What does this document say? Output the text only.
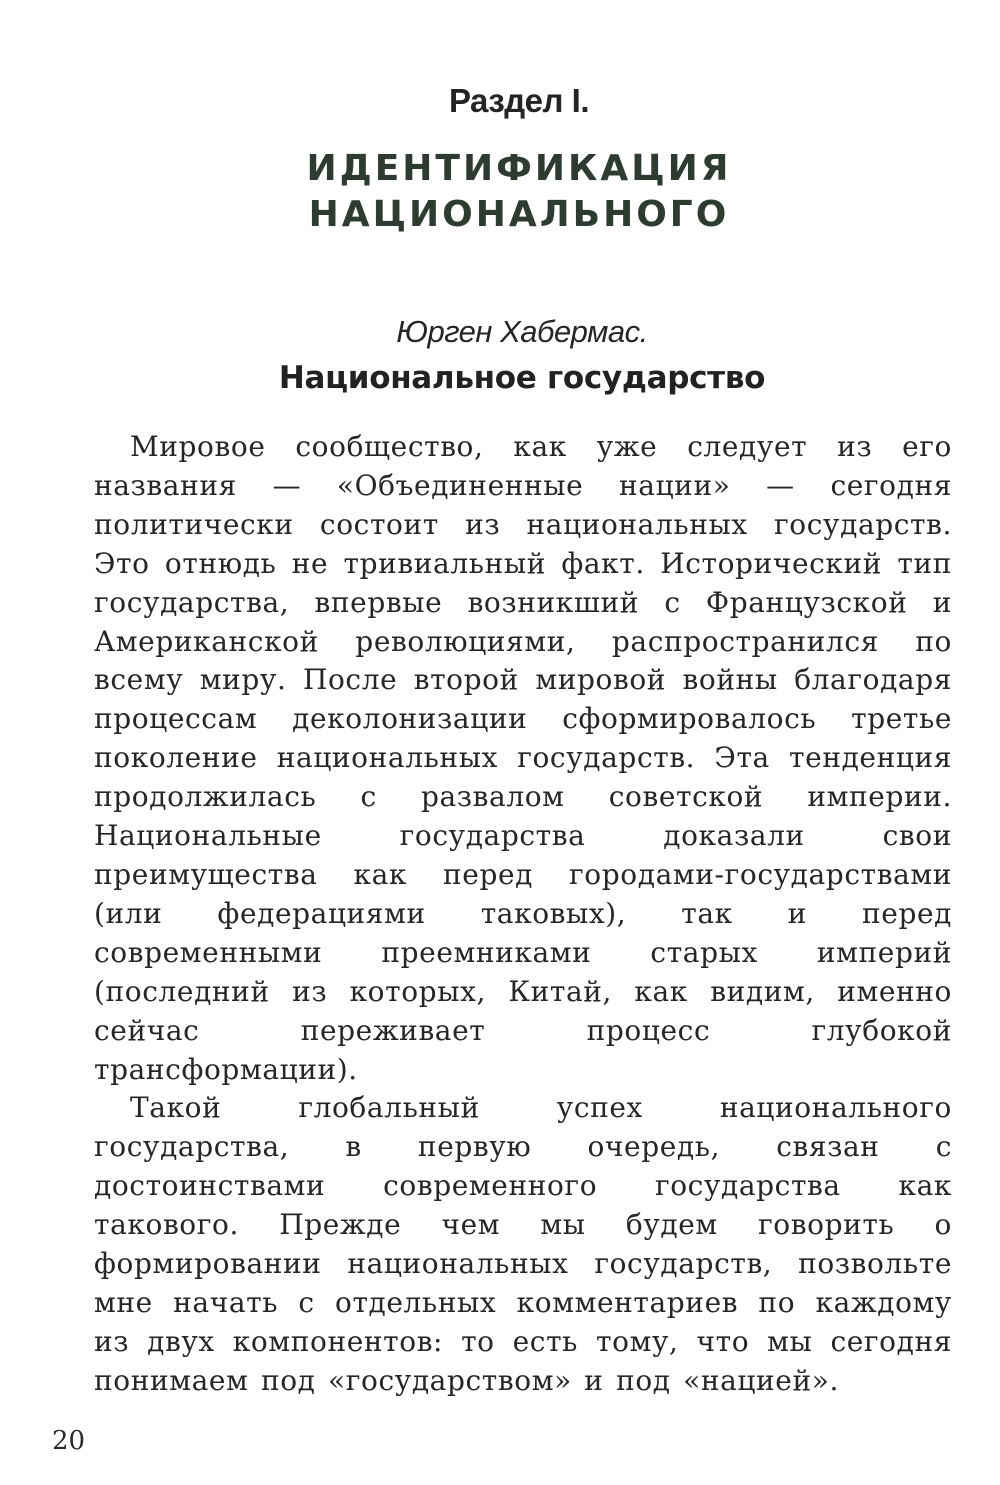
Раздел I.
ИДЕНТИФИКАЦИЯ
НАЦИОНАЛЬНОГО
Юрген Хабермас.
Национальное государство

Мировое сообщество, как уже следует из его названия — «Объединенные нации» — сегодня политически состоит из национальных государств. Это отнюдь не тривиальный факт. Исторический тип государства, впервые возникший с Французской и Американской революциями, распространился по всему миру. После второй мировой войны благодаря процессам деколонизации сформировалось третье поколение национальных государств. Эта тенденция продолжилась с развалом советской империи. Национальные государства доказали свои преимущества как перед городами-государствами (или федерациями таковых), так и перед современными преемниками старых империй (последний из которых, Китай, как видим, именно сейчас переживает процесс глубокой трансформации).

Такой глобальный успех национального государства, в первую очередь, связан с достоинствами современного государства как такового. Прежде чем мы будем говорить о формировании национальных государств, позвольте мне начать с отдельных комментариев по каждому из двух компонентов: то есть тому, что мы сегодня понимаем под «государством» и под «нацией».

20
